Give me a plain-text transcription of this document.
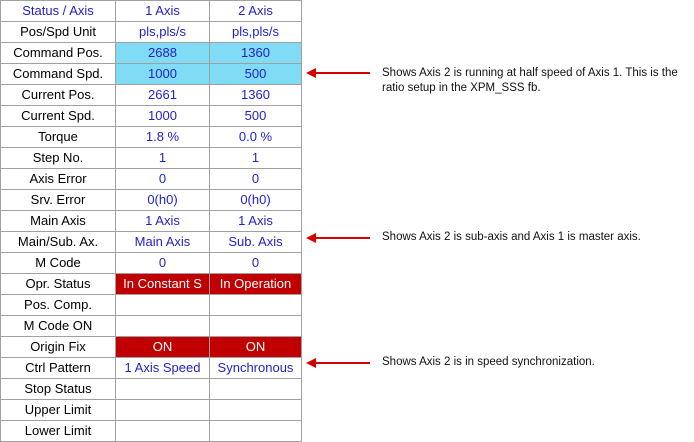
Status / Axis	1 Axis	2 Axis
Pos/Spd Unit	pls,pls/s	pls,pls/s
Command Pos.	2688	1360
Command Spd.	1000	500
Current Pos.	2661	1360
Current Spd.	1000	500
Torque	1.8 %	0.0 %
Step No.	1	1
Axis Error	0	0
Srv. Error	0(h0)	0(h0)
Main Axis	1 Axis	1 Axis
Main/Sub. Ax.	Main Axis	Sub. Axis
M Code	0	0
Opr. Status	In Constant S	In Operation
Pos. Comp.		
M Code ON		
Origin Fix	ON	ON
Ctrl Pattern	1 Axis Speed	Synchronous
Stop Status		
Upper Limit		
Lower Limit		
Shows Axis 2 is running at half speed of Axis 1. This is the ratio setup in the XPM_SSS fb.
Shows Axis 2 is sub-axis and Axis 1 is master axis.
Shows Axis 2 is in speed synchronization.
